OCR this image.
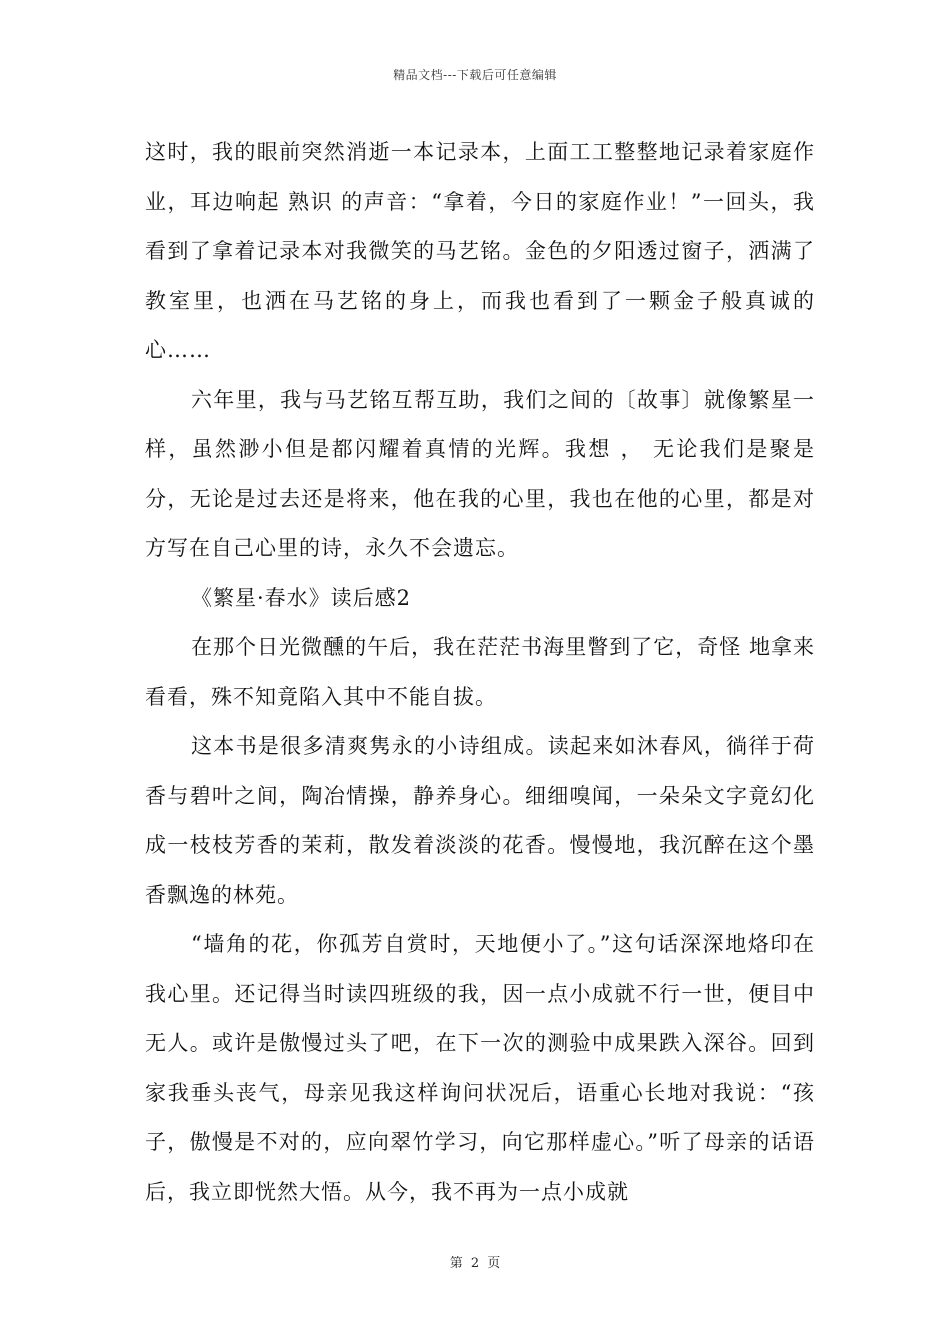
精品文档---下载后可任意编辑

这时，我的眼前突然消逝一本记录本，上面工工整整地记录着家庭作业，耳边响起 熟识 的声音：“拿着，今日的家庭作业！”一回头，我看到了拿着记录本对我微笑的马艺铭。金色的夕阳透过窗子，洒满了教室里，也洒在马艺铭的身上，而我也看到了一颗金子般真诚的心……

六年里，我与马艺铭互帮互助，我们之间的〔故事〕就像繁星一样，虽然渺小但是都闪耀着真情的光辉。我想 ， 无论我们是聚是分，无论是过去还是将来，他在我的心里，我也在他的心里，都是对方写在自己心里的诗，永久不会遗忘。

《繁星·春水》读后感2

在那个日光微醺的午后，我在茫茫书海里瞥到了它，奇怪 地拿来看看，殊不知竟陷入其中不能自拔。

这本书是很多清爽隽永的小诗组成。读起来如沐春风，徜徉于荷香与碧叶之间，陶冶情操，静养身心。细细嗅闻，一朵朵文字竟幻化成一枝枝芳香的茉莉，散发着淡淡的花香。慢慢地，我沉醉在这个墨香飘逸的林苑。

“墙角的花，你孤芳自赏时，天地便小了。”这句话深深地烙印在我心里。还记得当时读四班级的我，因一点小成就不行一世，便目中无人。或许是傲慢过头了吧，在下一次的测验中成果跌入深谷。回到家我垂头丧气，母亲见我这样询问状况后，语重心长地对我说：“孩子，傲慢是不对的，应向翠竹学习，向它那样虚心。”听了母亲的话语后，我立即恍然大悟。从今，我不再为一点小成就

第 2 页
